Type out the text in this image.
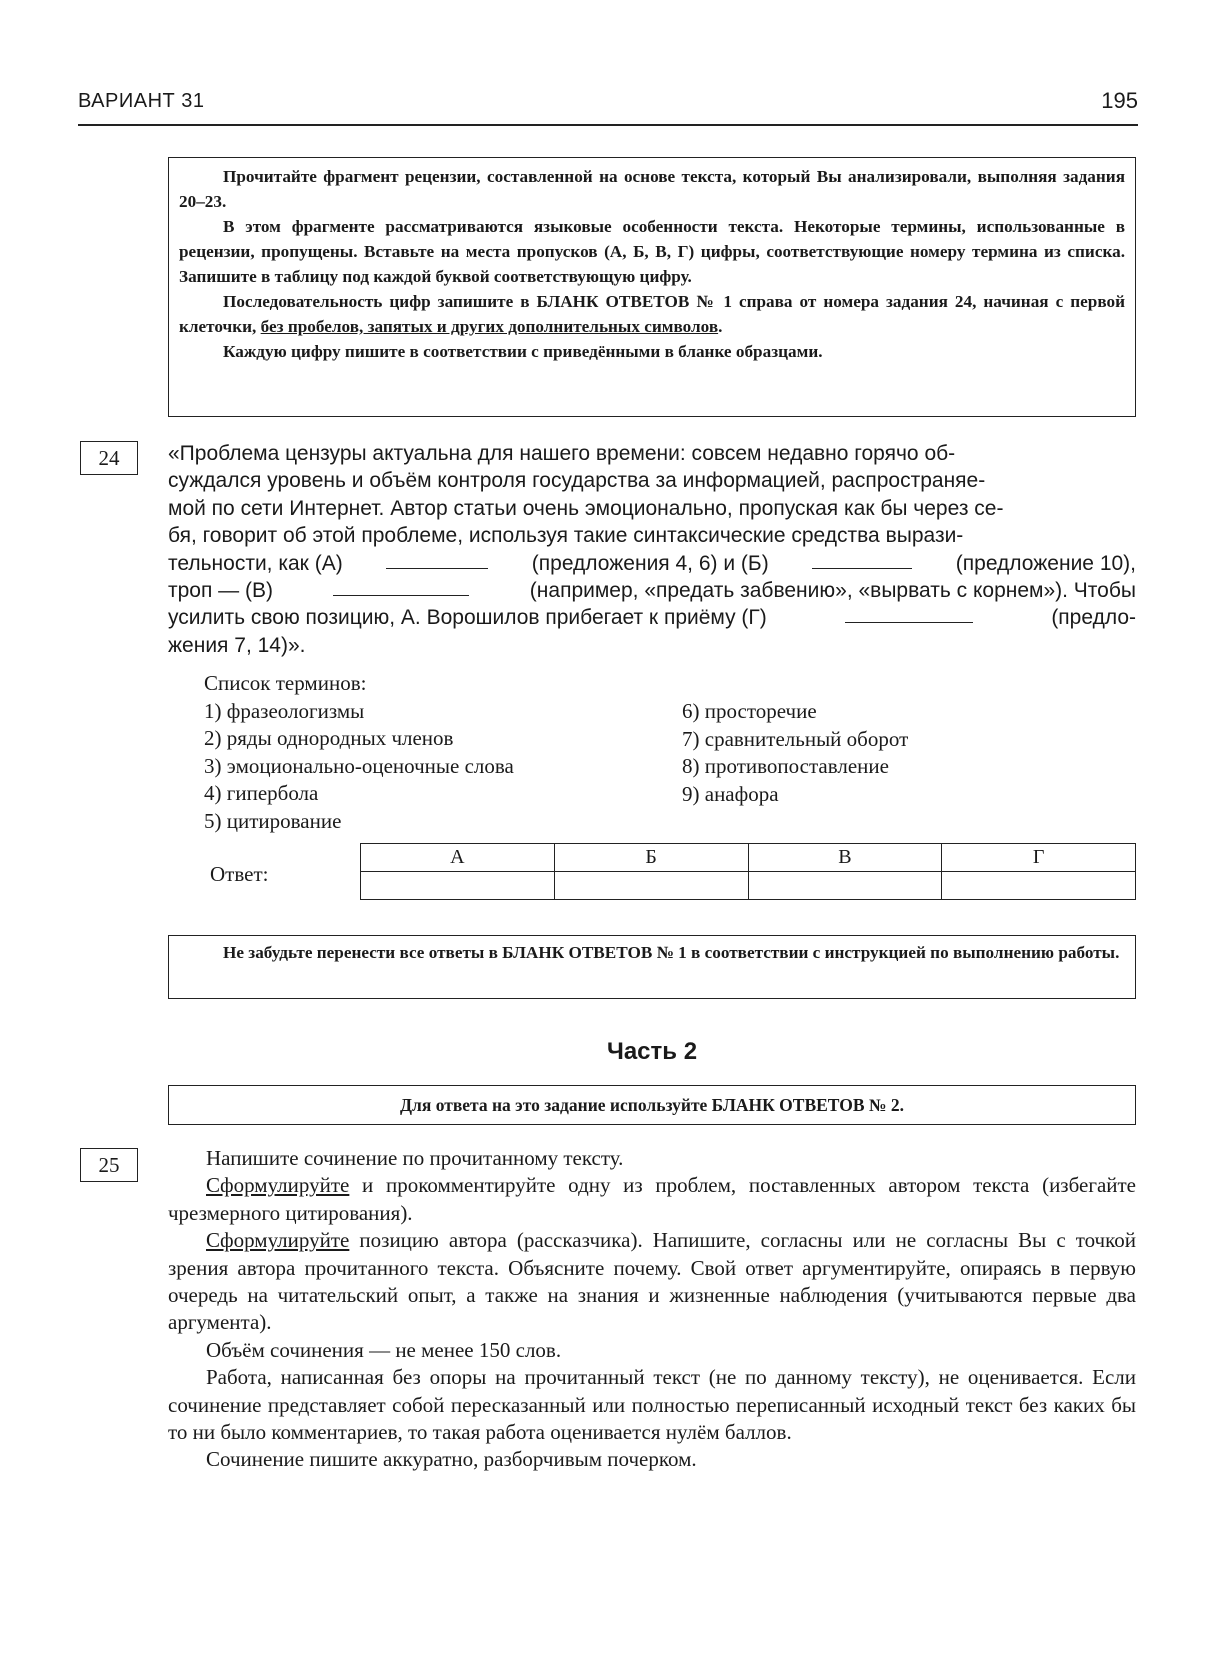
ВАРИАНТ 31	195

Прочитайте фрагмент рецензии, составленной на основе текста, который Вы анализировали, выполняя задания 20–23.

В этом фрагменте рассматриваются языковые особенности текста. Некоторые термины, использованные в рецензии, пропущены. Вставьте на места пропусков (А, Б, В, Г) цифры, соответствующие номеру термина из списка. Запишите в таблицу под каждой буквой соответствующую цифру.

Последовательность цифр запишите в БЛАНК ОТВЕТОВ № 1 справа от номера задания 24, начиная с первой клеточки, без пробелов, запятых и других дополнительных символов.

Каждую цифру пишите в соответствии с приведёнными в бланке образцами.

24	«Проблема цензуры актуальна для нашего времени: совсем недавно горячо об-
суждался уровень и объём контроля государства за информацией, распространяе-
мой по сети Интернет. Автор статьи очень эмоционально, пропуская как бы через се-
бя, говорит об этой проблеме, используя такие синтаксические средства вырази-
тельности, как (А)	(предложения 4, 6) и (Б)	(предложение 10),
троп — (В)	(например, «предать забвению», «вырвать с корнем»). Чтобы
усилить свою позицию, А. Ворошилов прибегает к приёму (Г)	(предло-
жения 7, 14)».
Список терминов:
1) фразеологизмы
2) ряды однородных членов
3) эмоционально-оценочные слова
4) гипербола
5) цитирование
6) просторечие
7) сравнительный оборот
8) противопоставление
9) анафора
Ответ:
А	Б	В	Г

Не забудьте перенести все ответы в БЛАНК ОТВЕТОВ № 1 в соответствии с инструкцией по выполнению работы.

Часть 2
Для ответа на это задание используйте БЛАНК ОТВЕТОВ № 2.
25	Напишите сочинение по прочитанному тексту.

Сформулируйте и прокомментируйте одну из проблем, поставленных автором текста (избегайте чрезмерного цитирования).

Сформулируйте позицию автора (рассказчика). Напишите, согласны или не согласны Вы с точкой зрения автора прочитанного текста. Объясните почему. Свой ответ аргументируйте, опираясь в первую очередь на читательский опыт, а также на знания и жизненные наблюдения (учитываются первые два аргумента).

Объём сочинения — не менее 150 слов.

Работа, написанная без опоры на прочитанный текст (не по данному тексту), не оценивается. Если сочинение представляет собой пересказанный или полностью переписанный исходный текст без каких бы то ни было комментариев, то такая работа оценивается нулём баллов.

Сочинение пишите аккуратно, разборчивым почерком.
